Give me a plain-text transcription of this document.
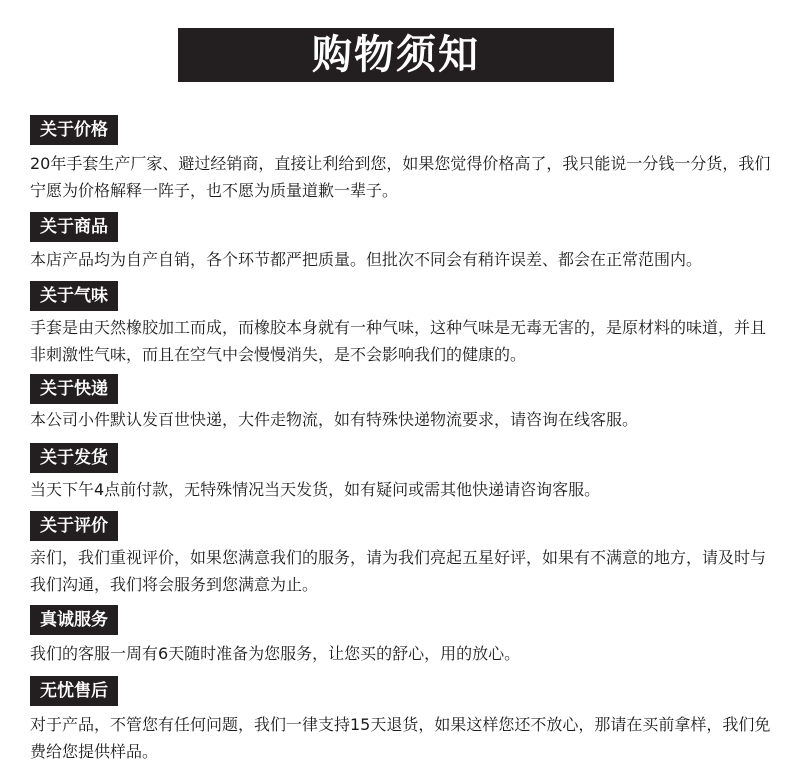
购物须知
关于价格

20年手套生产厂家、避过经销商，直接让利给到您，如果您觉得价格高了，我只能说一分钱一分货，我们宁愿为价格解释一阵子，也不愿为质量道歉一辈子。

关于商品

本店产品均为自产自销，各个环节都严把质量。但批次不同会有稍许误差、都会在正常范围内。

关于气味

手套是由天然橡胶加工而成，而橡胶本身就有一种气味，这种气味是无毒无害的，是原材料的味道，并且非刺激性气味，而且在空气中会慢慢消失，是不会影响我们的健康的。

关于快递

本公司小件默认发百世快递，大件走物流，如有特殊快递物流要求，请咨询在线客服。

关于发货

当天下午4点前付款，无特殊情况当天发货，如有疑问或需其他快递请咨询客服。

关于评价

亲们，我们重视评价，如果您满意我们的服务，请为我们亮起五星好评，如果有不满意的地方，请及时与我们沟通，我们将会服务到您满意为止。

真诚服务

我们的客服一周有6天随时准备为您服务，让您买的舒心，用的放心。

无忧售后

对于产品，不管您有任何问题，我们一律支持15天退货，如果这样您还不放心，那请在买前拿样，我们免费给您提供样品。
